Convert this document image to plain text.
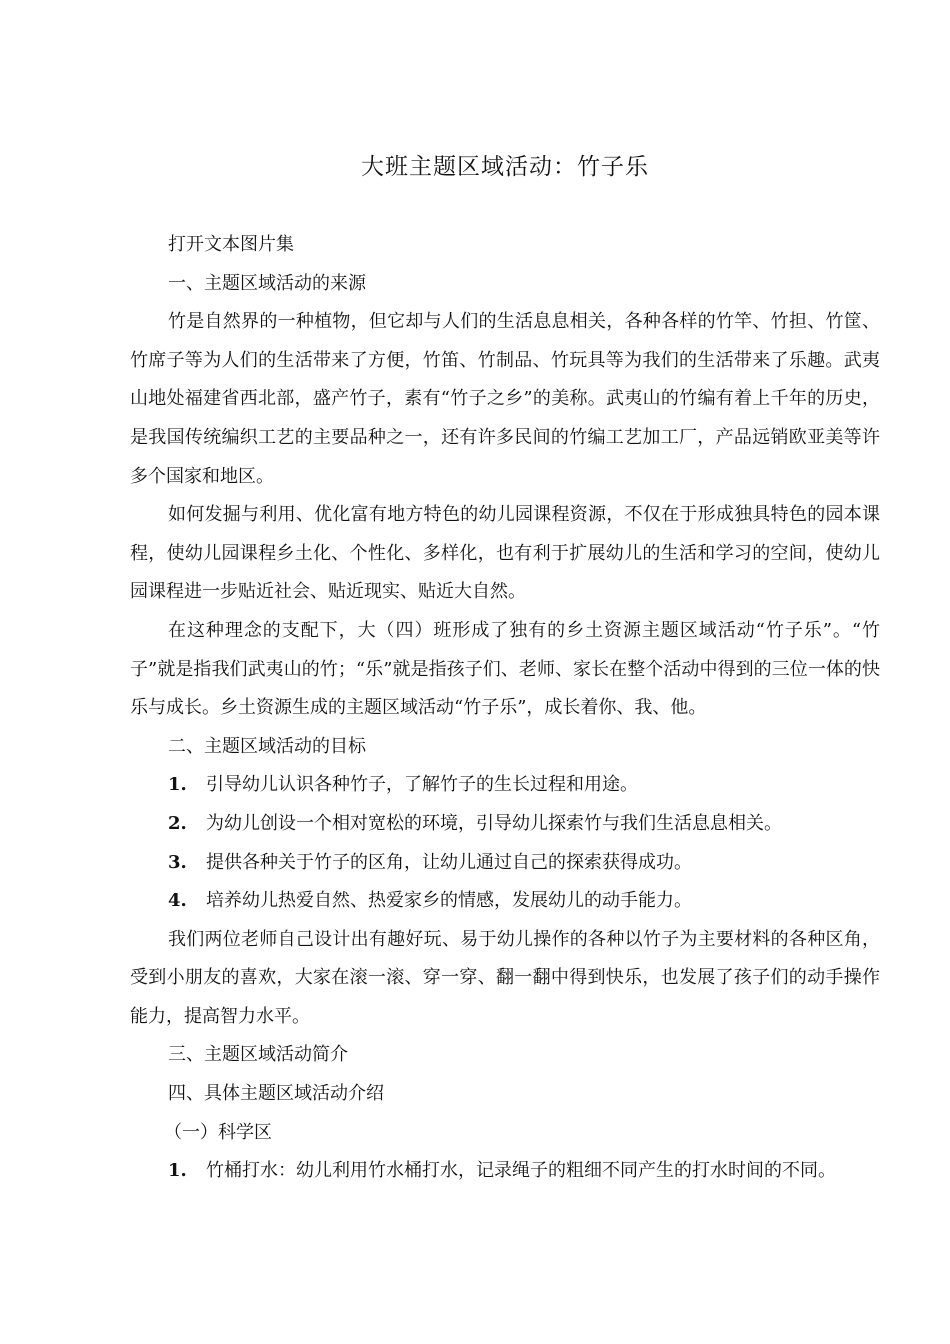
大班主题区域活动：竹子乐

打开文本图片集

一、主题区域活动的来源

竹是自然界的一种植物，但它却与人们的生活息息相关，各种各样的竹竿、竹担、竹筐、竹席子等为人们的生活带来了方便，竹笛、竹制品、竹玩具等为我们的生活带来了乐趣。武夷山地处福建省西北部，盛产竹子，素有“竹子之乡”的美称。武夷山的竹编有着上千年的历史，是我国传统编织工艺的主要品种之一，还有许多民间的竹编工艺加工厂，产品远销欧亚美等许多个国家和地区。

如何发掘与利用、优化富有地方特色的幼儿园课程资源，不仅在于形成独具特色的园本课程，使幼儿园课程乡土化、个性化、多样化，也有利于扩展幼儿的生活和学习的空间，使幼儿园课程进一步贴近社会、贴近现实、贴近大自然。

在这种理念的支配下，大（四）班形成了独有的乡土资源主题区域活动“竹子乐”。“竹子”就是指我们武夷山的竹；“乐”就是指孩子们、老师、家长在整个活动中得到的三位一体的快乐与成长。乡土资源生成的主题区域活动“竹子乐”，成长着你、我、他。

二、主题区域活动的目标

1.	引导幼儿认识各种竹子，了解竹子的生长过程和用途。
2.	为幼儿创设一个相对宽松的环境，引导幼儿探索竹与我们生活息息相关。
3.	提供各种关于竹子的区角，让幼儿通过自己的探索获得成功。
4.	培养幼儿热爱自然、热爱家乡的情感，发展幼儿的动手能力。

我们两位老师自己设计出有趣好玩、易于幼儿操作的各种以竹子为主要材料的各种区角，受到小朋友的喜欢，大家在滚一滚、穿一穿、翻一翻中得到快乐，也发展了孩子们的动手操作能力，提高智力水平。

三、主题区域活动简介

四、具体主题区域活动介绍

（一）科学区

1.	竹桶打水：幼儿利用竹水桶打水，记录绳子的粗细不同产生的打水时间的不同。
